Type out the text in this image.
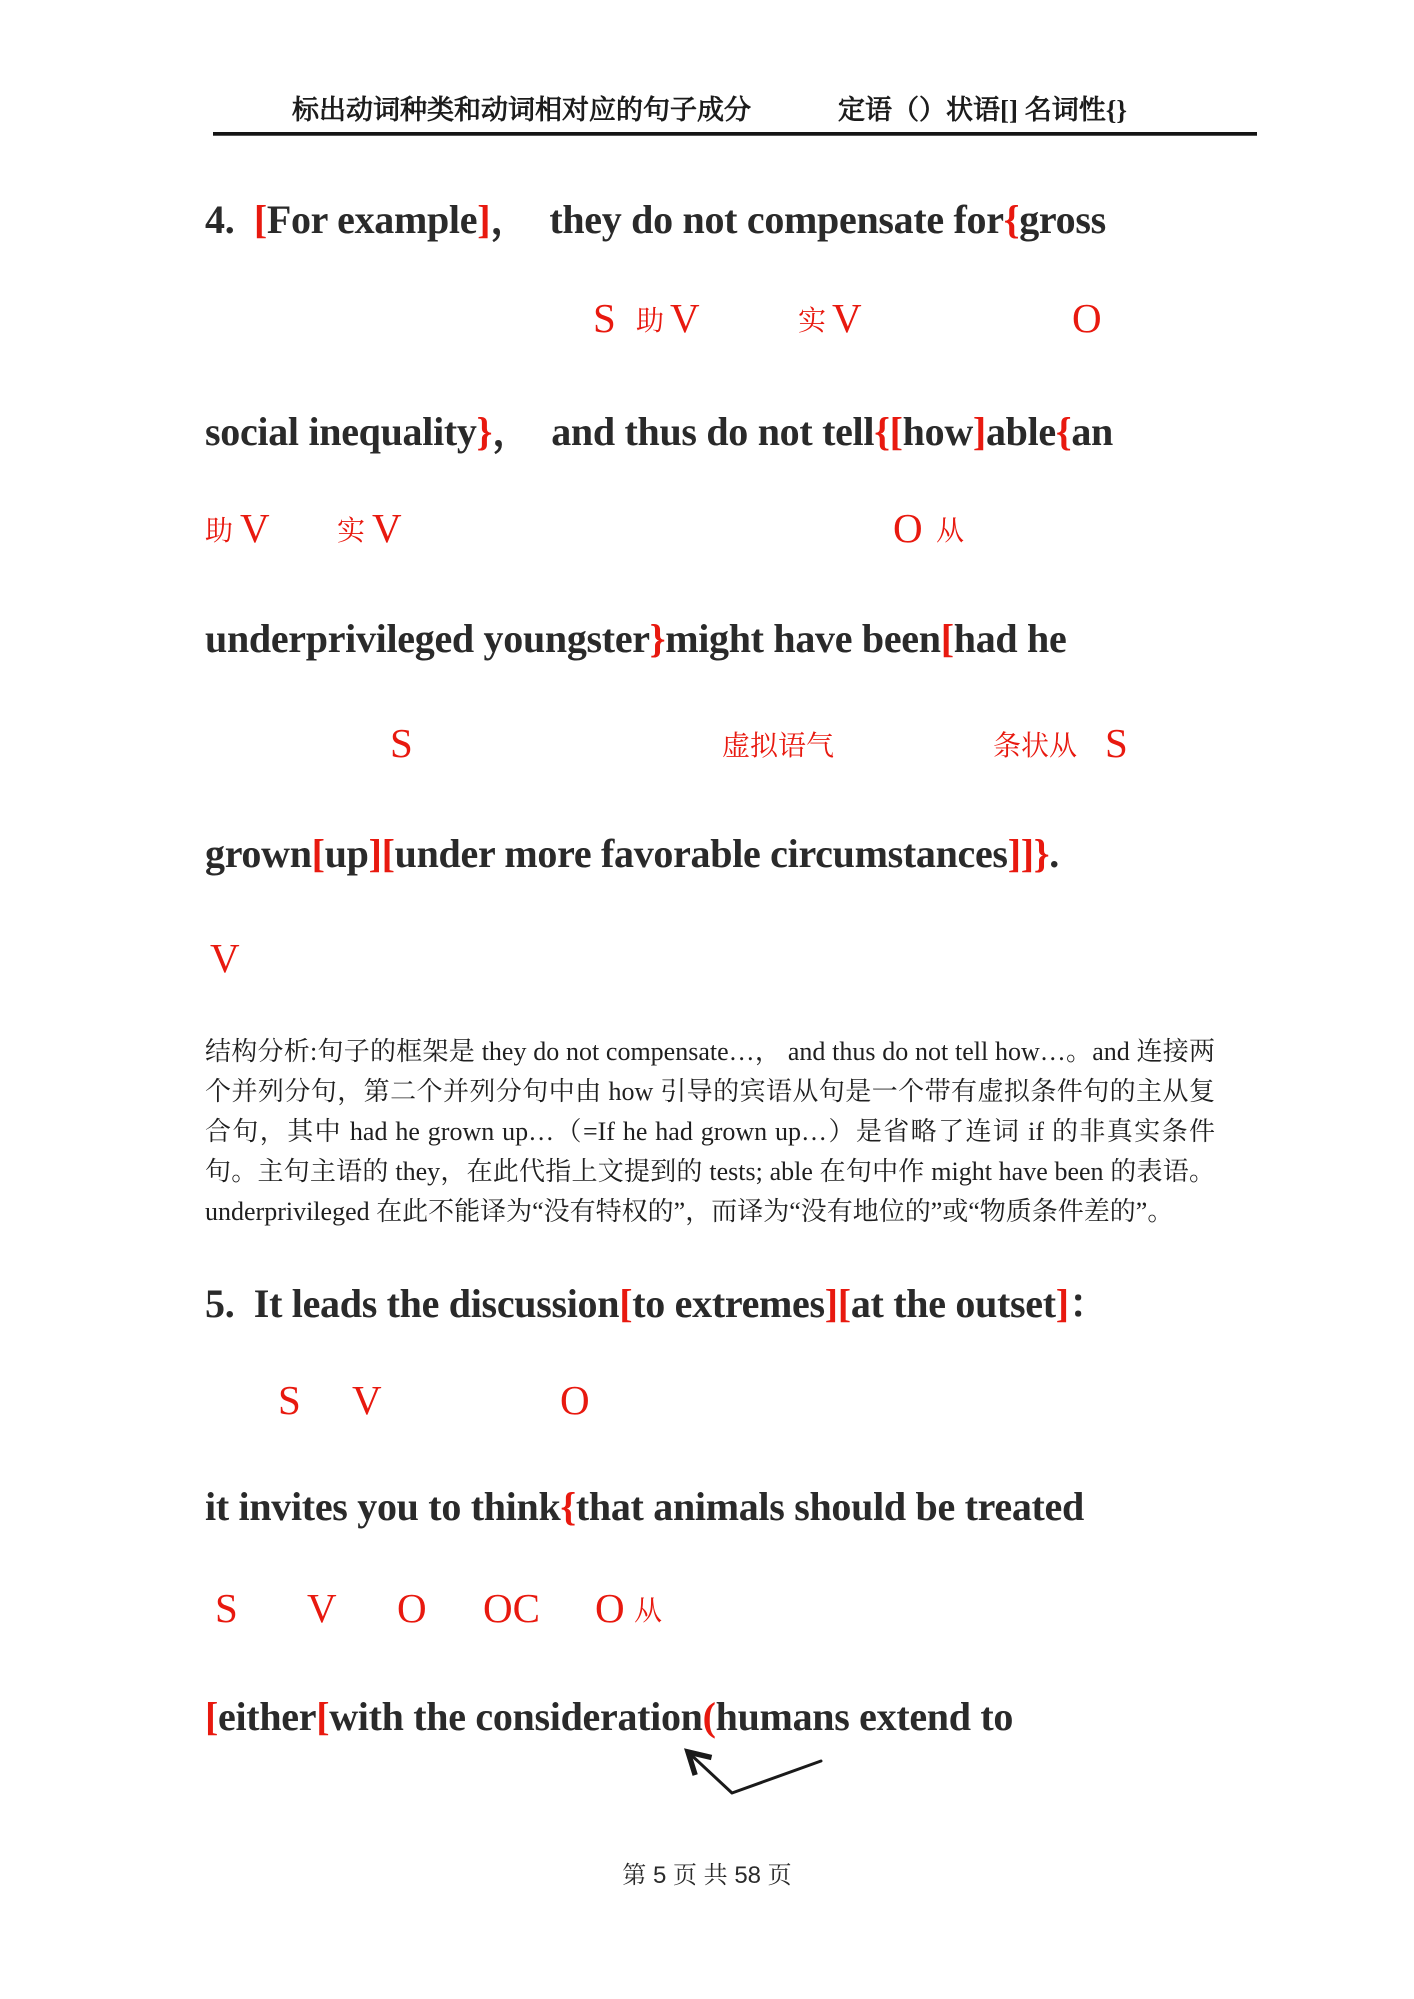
标出动词种类和动词相对应的句子成分	定语（）状语[] 名词性{}
4.  [For example]，  they do not compensate for{gross
S 助 V	实 V	O
social inequality}，  and thus do not tell{[how]able{an
助 V 实 V	O 从
underprivileged youngster}might have been[had he
S	虚拟语气	条状从 S
grown[up][under more favorable circumstances]]}.
V
5.  It leads the discussion[to extremes][at the outset]：
S V	O
it invites you to think{that animals should be treated
S V O OC O 从
[either[with the consideration(humans extend to
结构分析:句子的框架是 they do not compensate…， and thus do not tell how…。and 连接两个并列分句，第二个并列分句中由 how 引导的宾语从句是一个带有虚拟条件句的主从复合句，其中 had he grown up…（=If he had grown up…）是省略了连词 if 的非真实条件句。主句主语的 they，在此代指上文提到的 tests; able 在句中作 might have been 的表语。underprivileged 在此不能译为“没有特权的”，而译为“没有地位的”或“物质条件差的”。
第 5 页 共 58 页
